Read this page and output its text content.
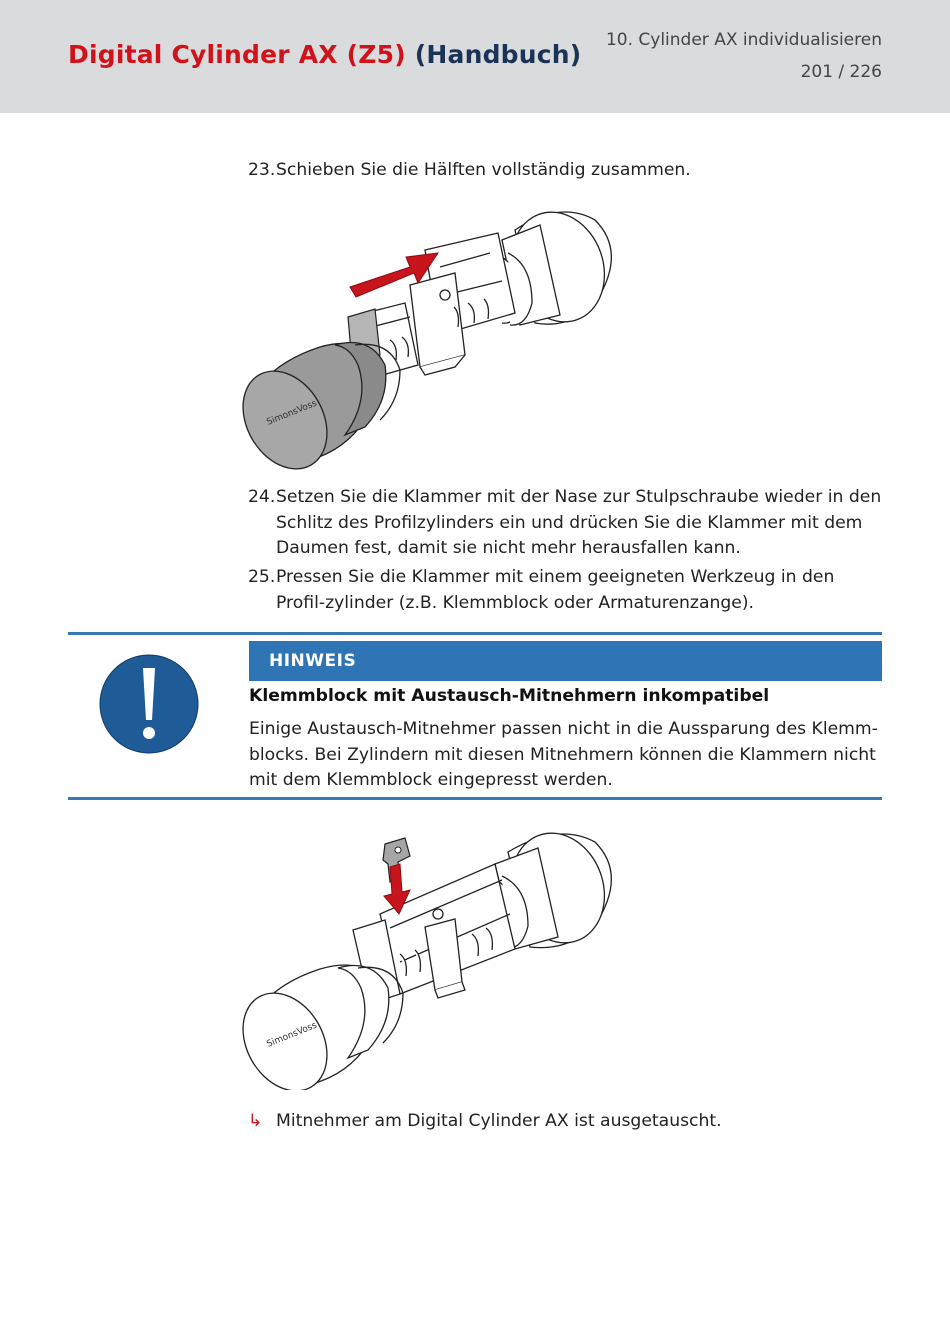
Digital Cylinder AX (Z5) (Handbuch) 10. Cylinder AX individualisieren
201 / 226
23. Schieben Sie die Hälften vollständig zusammen.
SimonsVoss
24. Setzen Sie die Klammer mit der Nase zur Stulpschraube wieder in den Schlitz des Profilzylinders ein und drücken Sie die Klammer mit dem Daumen fest, damit sie nicht mehr herausfallen kann.
25. Pressen Sie die Klammer mit einem geeigneten Werkzeug in den Profil-zylinder (z.B. Klemmblock oder Armaturenzange).
HINWEIS
Klemmblock mit Austausch-Mitnehmern inkompatibel
Einige Austausch-Mitnehmer passen nicht in die Aussparung des Klemm-blocks. Bei Zylindern mit diesen Mitnehmern können die Klammern nicht mit dem Klemmblock eingepresst werden.
SimonsVoss
↳ Mitnehmer am Digital Cylinder AX ist ausgetauscht.
